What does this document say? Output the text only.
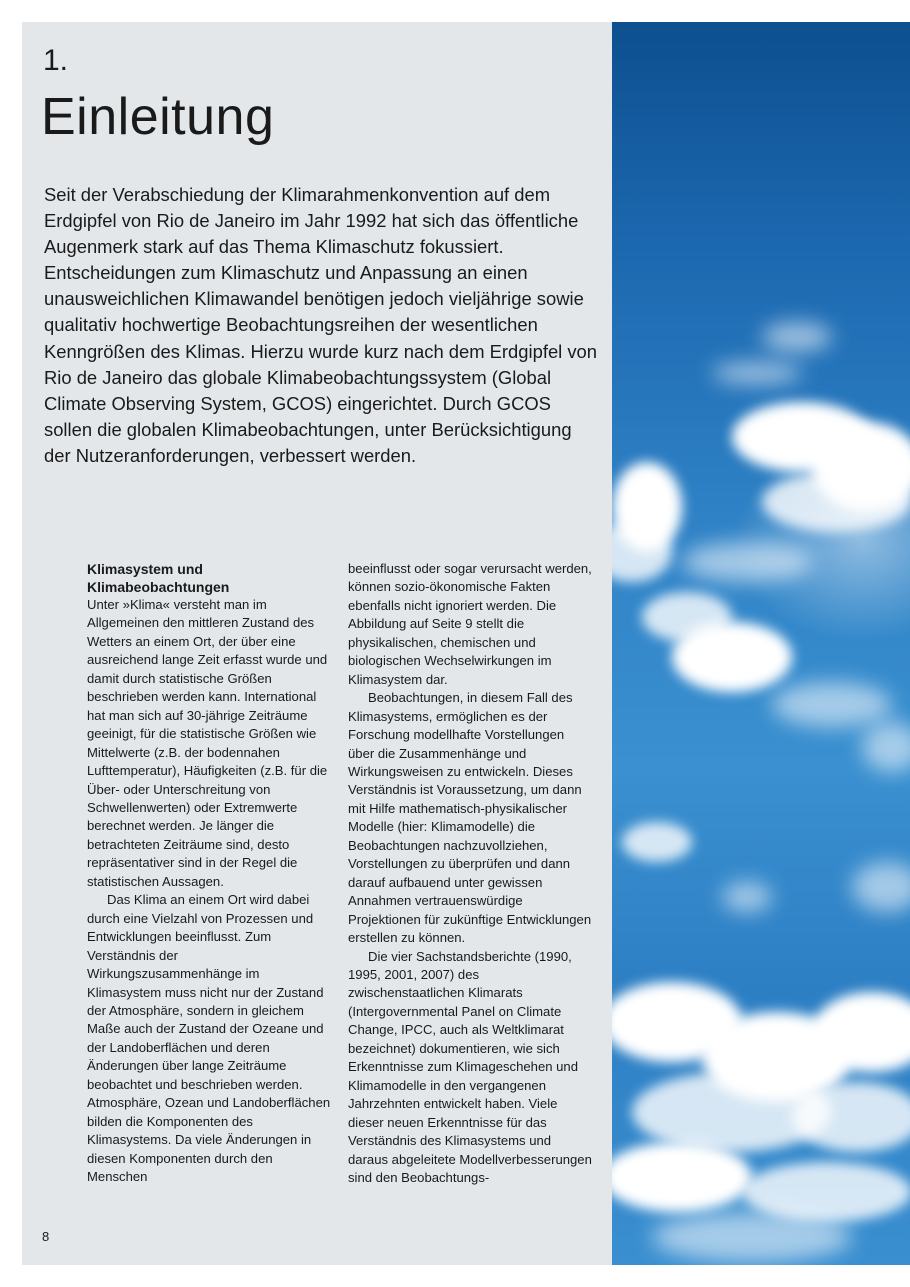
1.
Einleitung

Seit der Verabschiedung der Klimarahmenkonvention auf dem Erdgipfel von Rio de Janeiro im Jahr 1992 hat sich das öffentliche Augenmerk stark auf das Thema Klimaschutz fokussiert. Entscheidungen zum Klimaschutz und Anpassung an einen unausweichlichen Klimawandel benötigen jedoch vieljährige sowie qualitativ hochwertige Beobachtungsreihen der wesentlichen Kenngrößen des Klimas. Hierzu wurde kurz nach dem Erdgipfel von Rio de Janeiro das globale Klimabeobachtungssystem (Global Climate Observing System, GCOS) eingerichtet. Durch GCOS sollen die globalen Klimabeobachtungen, unter Berücksichtigung der Nutzeranforderungen, verbessert werden.

Klimasystem und Klimabeobachtungen

Unter »Klima« versteht man im Allgemeinen den mittleren Zustand des Wetters an einem Ort, der über eine ausreichend lange Zeit erfasst wurde und damit durch statistische Größen beschrieben werden kann. International hat man sich auf 30-jährige Zeiträume geeinigt, für die statistische Größen wie Mittelwerte (z.B. der bodennahen Lufttemperatur), Häufigkeiten (z.B. für die Über- oder Unterschreitung von Schwellenwerten) oder Extremwerte berechnet werden. Je länger die betrachteten Zeiträume sind, desto repräsentativer sind in der Regel die statistischen Aussagen.

Das Klima an einem Ort wird dabei durch eine Vielzahl von Prozessen und Entwicklungen beeinflusst. Zum Verständnis der Wirkungszusammenhänge im Klimasystem muss nicht nur der Zustand der Atmosphäre, sondern in gleichem Maße auch der Zustand der Ozeane und der Landoberflächen und deren Änderungen über lange Zeiträume beobachtet und beschrieben werden. Atmosphäre, Ozean und Landoberflächen bilden die Komponenten des Klimasystems. Da viele Änderungen in diesen Komponenten durch den Menschen

beeinflusst oder sogar verursacht werden, können sozio-ökonomische Fakten ebenfalls nicht ignoriert werden. Die Abbildung auf Seite 9 stellt die physikalischen, chemischen und biologischen Wechselwirkungen im Klimasystem dar.

Beobachtungen, in diesem Fall des Klimasystems, ermöglichen es der Forschung modellhafte Vorstellungen über die Zusammenhänge und Wirkungsweisen zu entwickeln. Dieses Verständnis ist Voraussetzung, um dann mit Hilfe mathematisch-physikalischer Modelle (hier: Klimamodelle) die Beobachtungen nachzuvollziehen, Vorstellungen zu überprüfen und dann darauf aufbauend unter gewissen Annahmen vertrauenswürdige Projektionen für zukünftige Entwicklungen erstellen zu können.

Die vier Sachstandsberichte (1990, 1995, 2001, 2007) des zwischenstaatlichen Klimarats (Intergovernmental Panel on Climate Change, IPCC, auch als Weltklimarat bezeichnet) dokumentieren, wie sich Erkenntnisse zum Klimageschehen und Klimamodelle in den vergangenen Jahrzehnten entwickelt haben. Viele dieser neuen Erkenntnisse für das Verständnis des Klimasystems und daraus abgeleitete Modellverbesserungen sind den Beobachtungs-

8
